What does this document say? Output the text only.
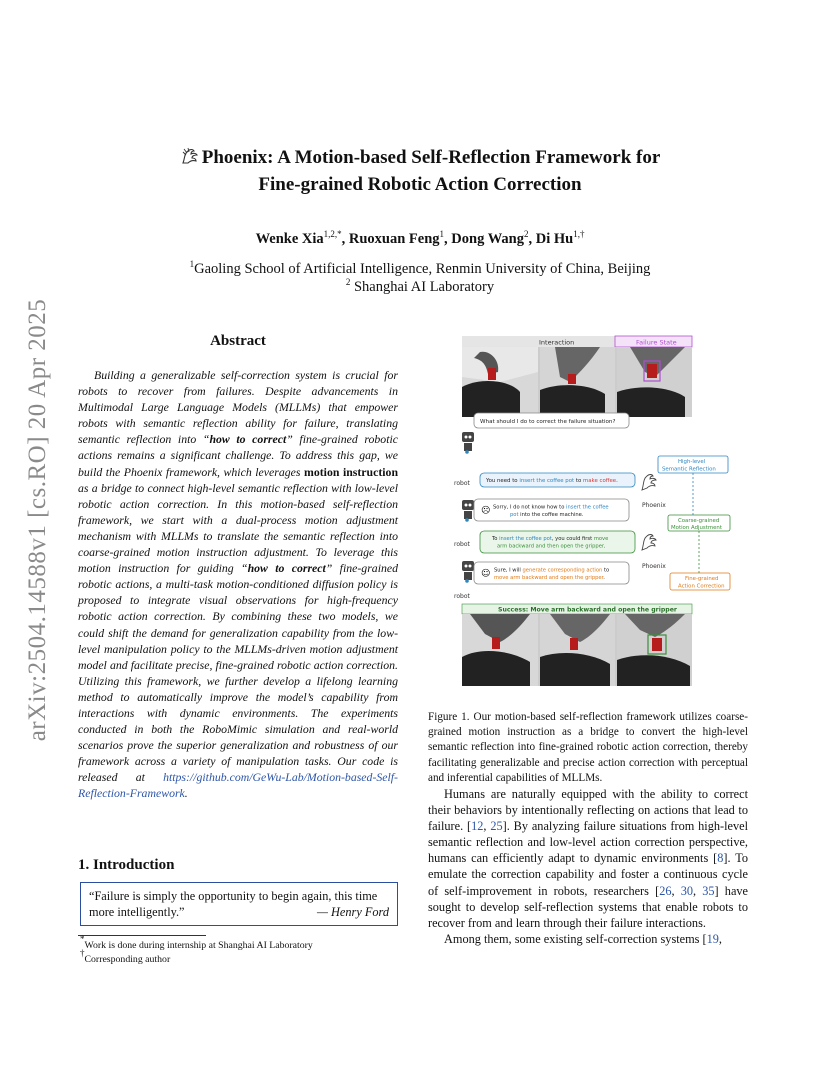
arXiv:2504.14588v1 [cs.RO] 20 Apr 2025
Phoenix: A Motion-based Self-Reflection Framework for
Fine-grained Robotic Action Correction
Wenke Xia$^{1,2,*}$, Ruoxuan Feng$^1$, Dong Wang$^2$, Di $Hu^{1,\dagger}$
$^1$Gaoling School of Artificial Intelligence, Renmin University of China, Beijing
$^2$ Shanghai AI Laboratory
Abstract
Building a generalizable self-correction system is crucial for robots to recover from failures. Despite advancements in Multimodal Large Language Models (MLLMs) that empower robots with semantic reflection ability for failure, translating semantic reflection into “how to correct” fine-grained robotic actions remains a significant challenge. To address this gap, we build the Phoenix framework, which leverages motion instruction as a bridge to connect high-level semantic reflection with low-level robotic action correction. In this motion-based self-reflection framework, we start with a dual-process motion adjustment mechanism with MLLMs to translate the semantic reflection into coarse-grained motion instruction adjustment. To leverage this motion instruction for guiding “how to correct” fine-grained robotic actions, a multi-task motion-conditioned diffusion policy is proposed to integrate visual observations for high-frequency robotic action correction. By combining these two models, we could shift the demand for generalization capability from the low-level manipulation policy to the MLLMs-driven motion adjustment model and facilitate precise, fine-grained robotic action correction. Utilizing this framework, we further develop a lifelong learning method to automatically improve the model’s capability from interactions with dynamic environments. The experiments conducted in both the RoboMimic simulation and real-world scenarios prove the superior generalization and robustness of our framework across a variety of manipulation tasks. Our code is released at https://github.com/GeWu-Lab/Motion-based-Self-Reflection-Framework.
1. Introduction
“Failure is simply the opportunity to begin again, this time more intelligently.”	— Henry Ford
*Work is done during internship at Shanghai AI Laboratory
†Corresponding author
Interaction	Failure State
robot
What should I do to correct the failure situation?
High-level
Semantic Reflection
You need to insert the coffee pot to make coffee.
Phoenix
robot
☹ Sorry, I do not know how to insert the coffee
pot into the coffee machine.
Coarse-grained
Motion Adjustment
To insert the coffee pot, you could first move
arm backward and then open the gripper.
Phoenix
robot
☺ Sure, I will generate corresponding action to
move arm backward and open the gripper.	Fine-grained
Action Correction
Success: Move arm backward and open the gripper
Figure 1. Our motion-based self-reflection framework utilizes coarse-grained motion instruction as a bridge to convert the high-level semantic reflection into fine-grained robotic action correction, thereby facilitating generalizable and precise action correction with perceptual and inferential capabilities of MLLMs.
Humans are naturally equipped with the ability to correct their behaviors by intentionally reflecting on actions that lead to failure. [12, 25]. By analyzing failure situations from high-level semantic reflection and low-level action correction perspective, humans can efficiently adapt to dynamic environments [8]. To emulate the correction capability and foster a continuous cycle of self-improvement in robots, researchers [26, 30, 35] have sought to develop self-reflection systems that enable robots to recover from and learn through their failure interactions.
Among them, some existing self-correction systems [19,
